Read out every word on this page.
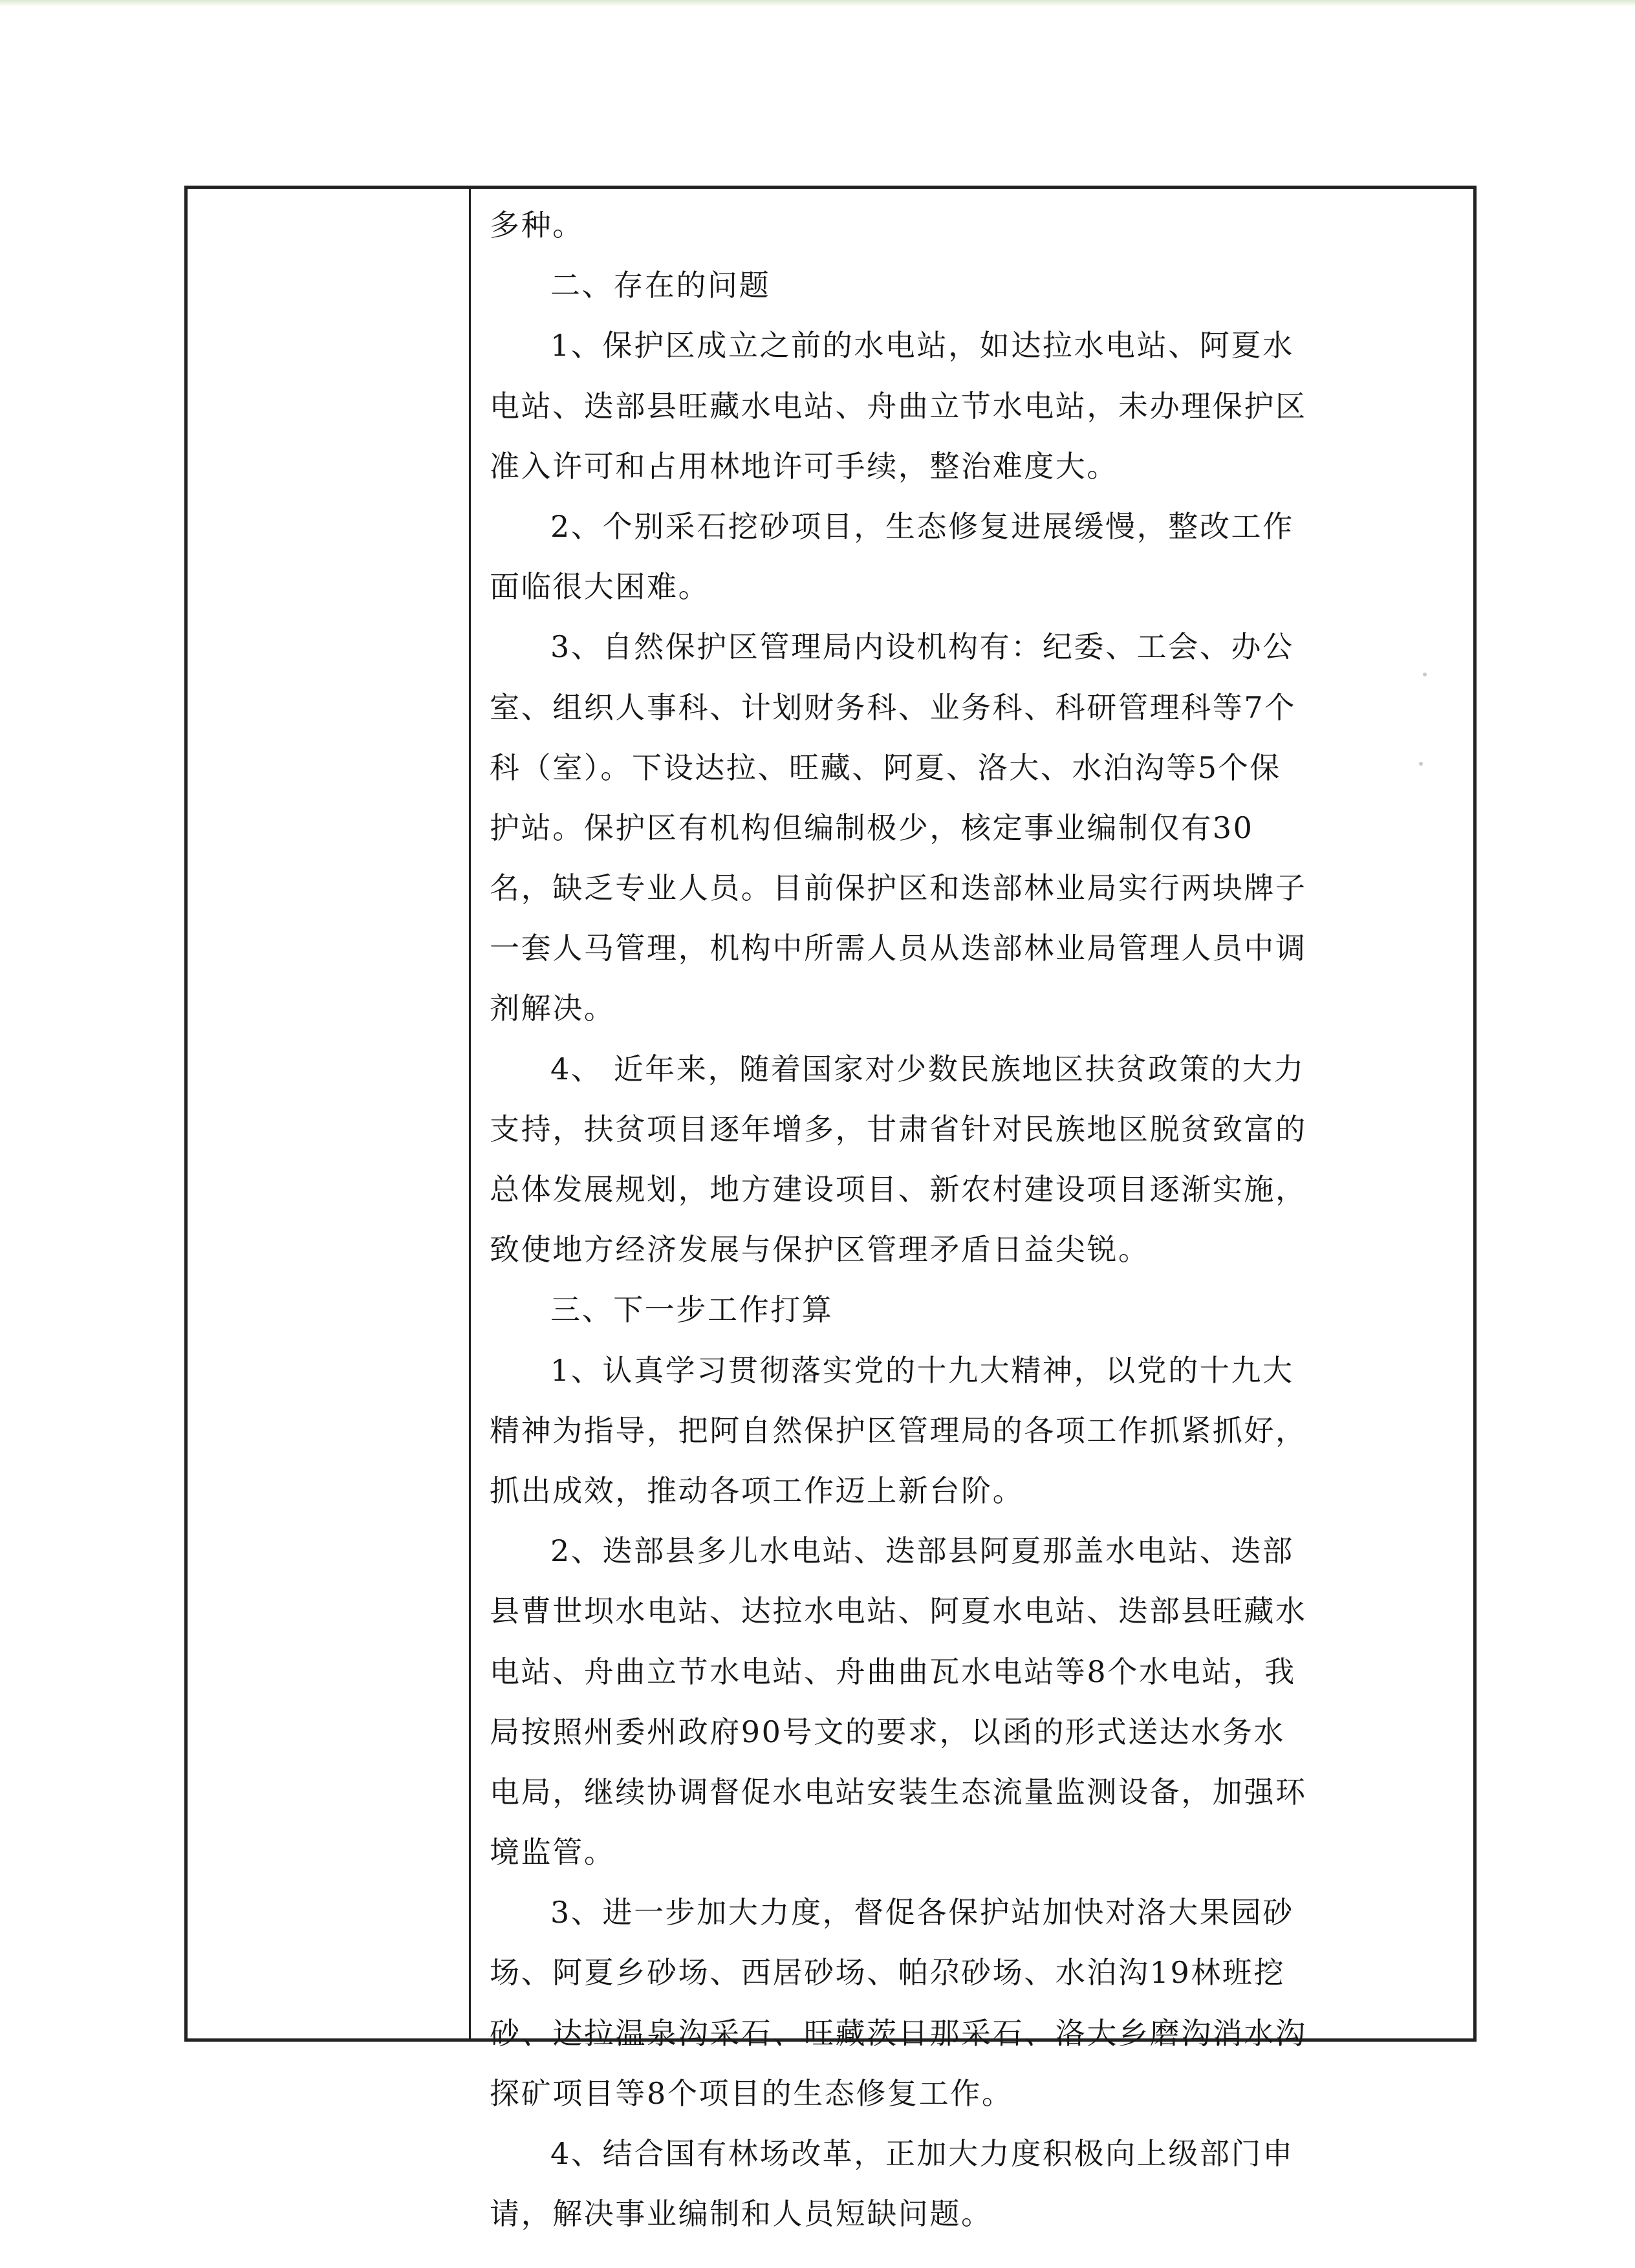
多种。
二、存在的问题
1、保护区成立之前的水电站，如达拉水电站、阿夏水
电站、迭部县旺藏水电站、舟曲立节水电站，未办理保护区
准入许可和占用林地许可手续，整治难度大。
2、个别采石挖砂项目，生态修复进展缓慢，整改工作
面临很大困难。
3、自然保护区管理局内设机构有：纪委、工会、办公
室、组织人事科、计划财务科、业务科、科研管理科等7个
科（室）。下设达拉、旺藏、阿夏、洛大、水泊沟等5个保
护站。保护区有机构但编制极少，核定事业编制仅有30
名，缺乏专业人员。目前保护区和迭部林业局实行两块牌子
一套人马管理，机构中所需人员从迭部林业局管理人员中调
剂解决。
4、 近年来，随着国家对少数民族地区扶贫政策的大力
支持，扶贫项目逐年增多，甘肃省针对民族地区脱贫致富的
总体发展规划，地方建设项目、新农村建设项目逐渐实施，
致使地方经济发展与保护区管理矛盾日益尖锐。
三、下一步工作打算
1、认真学习贯彻落实党的十九大精神，以党的十九大
精神为指导，把阿自然保护区管理局的各项工作抓紧抓好，
抓出成效，推动各项工作迈上新台阶。
2、迭部县多儿水电站、迭部县阿夏那盖水电站、迭部
县曹世坝水电站、达拉水电站、阿夏水电站、迭部县旺藏水
电站、舟曲立节水电站、舟曲曲瓦水电站等8个水电站，我
局按照州委州政府90号文的要求，以函的形式送达水务水
电局，继续协调督促水电站安装生态流量监测设备，加强环
境监管。
3、进一步加大力度，督促各保护站加快对洛大果园砂
场、阿夏乡砂场、西居砂场、帕尕砂场、水泊沟19林班挖
砂、达拉温泉沟采石、旺藏茨日那采石、洛大乡磨沟消水沟
探矿项目等8个项目的生态修复工作。
4、结合国有林场改革，正加大力度积极向上级部门申
请，解决事业编制和人员短缺问题。
